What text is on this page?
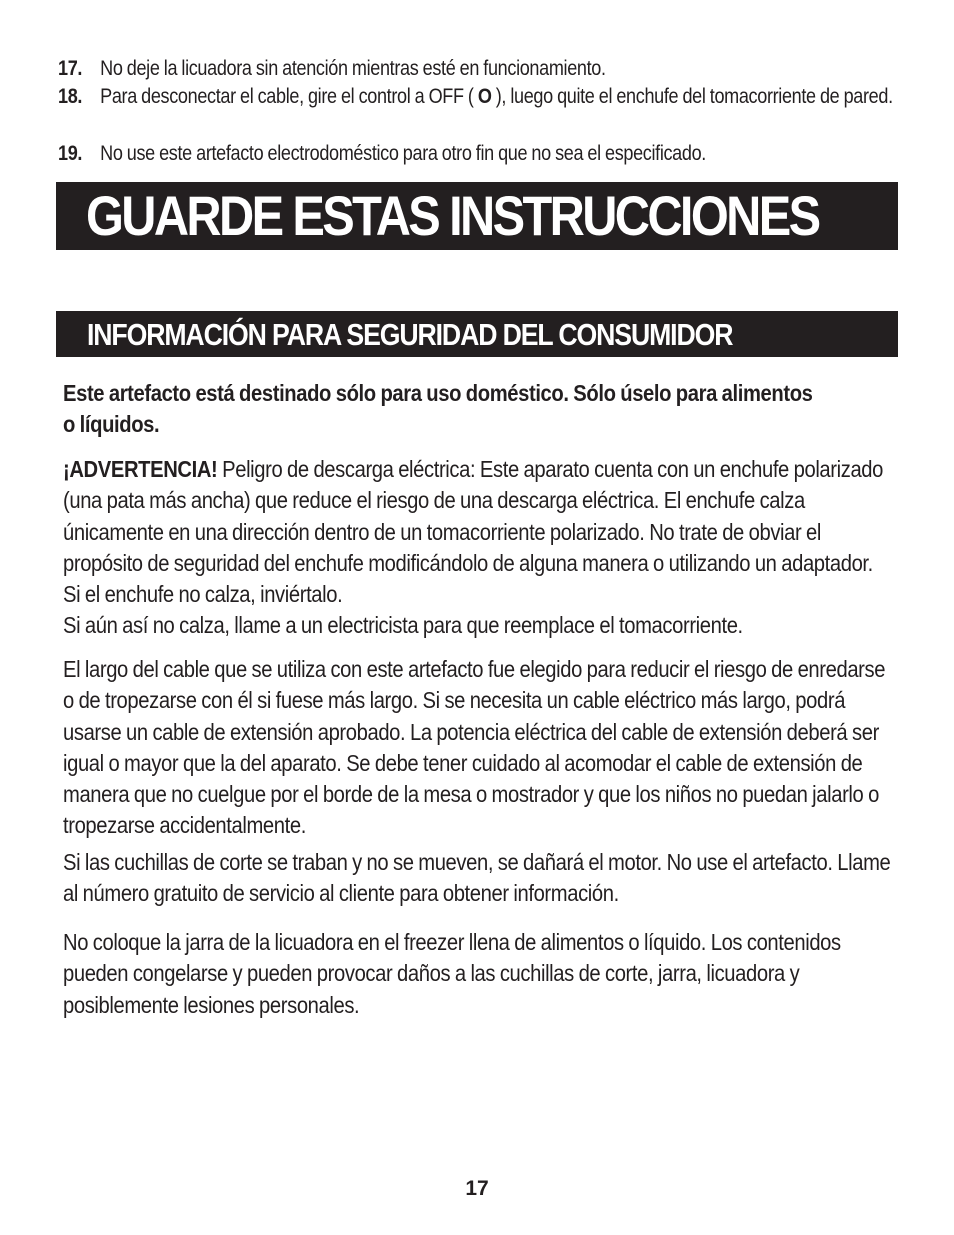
17. No deje la licuadora sin atención mientras esté en funcionamiento.
18. Para desconectar el cable, gire el control a OFF ( O ), luego quite el enchufe del tomacorriente de pared.
19. No use este artefacto electrodoméstico para otro fin que no sea el especificado.
GUARDE ESTAS INSTRUCCIONES
INFORMACIÓN PARA SEGURIDAD DEL CONSUMIDOR

Este artefacto está destinado sólo para uso doméstico. Sólo úselo para alimentos o líquidos.

¡ADVERTENCIA! Peligro de descarga eléctrica: Este aparato cuenta con un enchufe polarizado (una pata más ancha) que reduce el riesgo de una descarga eléctrica. El enchufe calza únicamente en una dirección dentro de un tomacorriente polarizado. No trate de obviar el propósito de seguridad del enchufe modificándolo de alguna manera o utilizando un adaptador. Si el enchufe no calza, inviértalo.
Si aún así no calza, llame a un electricista para que reemplace el tomacorriente.

El largo del cable que se utiliza con este artefacto fue elegido para reducir el riesgo de enredarse o de tropezarse con él si fuese más largo. Si se necesita un cable eléctrico más largo, podrá usarse un cable de extensión aprobado. La potencia eléctrica del cable de extensión deberá ser igual o mayor que la del aparato. Se debe tener cuidado al acomodar el cable de extensión de manera que no cuelgue por el borde de la mesa o mostrador y que los niños no puedan jalarlo o tropezarse accidentalmente.

Si las cuchillas de corte se traban y no se mueven, se dañará el motor. No use el artefacto. Llame al número gratuito de servicio al cliente para obtener información.

No coloque la jarra de la licuadora en el freezer llena de alimentos o líquido. Los contenidos pueden congelarse y pueden provocar daños a las cuchillas de corte, jarra, licuadora y posiblemente lesiones personales.

17
